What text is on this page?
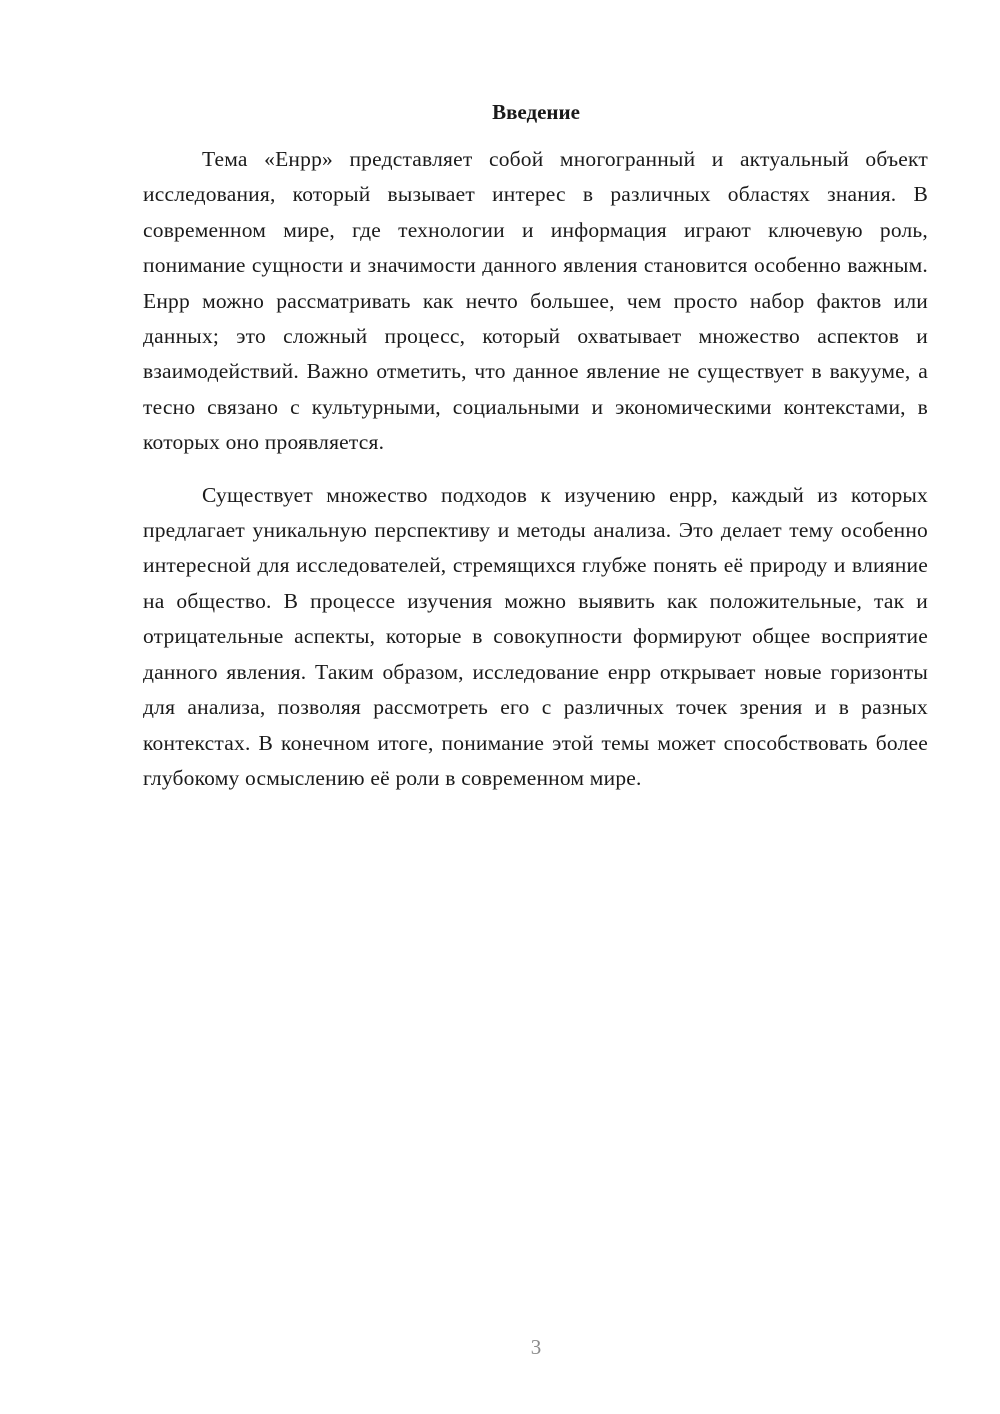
Введение

Тема «Енрр» представляет собой многогранный и актуальный объект исследования, который вызывает интерес в различных областях знания. В современном мире, где технологии и информация играют ключевую роль, понимание сущности и значимости данного явления становится особенно важным. Енрр можно рассматривать как нечто большее, чем просто набор фактов или данных; это сложный процесс, который охватывает множество аспектов и взаимодействий. Важно отметить, что данное явление не существует в вакууме, а тесно связано с культурными, социальными и экономическими контекстами, в которых оно проявляется.

Существует множество подходов к изучению енрр, каждый из которых предлагает уникальную перспективу и методы анализа. Это делает тему особенно интересной для исследователей, стремящихся глубже понять её природу и влияние на общество. В процессе изучения можно выявить как положительные, так и отрицательные аспекты, которые в совокупности формируют общее восприятие данного явления. Таким образом, исследование енрр открывает новые горизонты для анализа, позволяя рассмотреть его с различных точек зрения и в разных контекстах. В конечном итоге, понимание этой темы может способствовать более глубокому осмыслению её роли в современном мире.

3
